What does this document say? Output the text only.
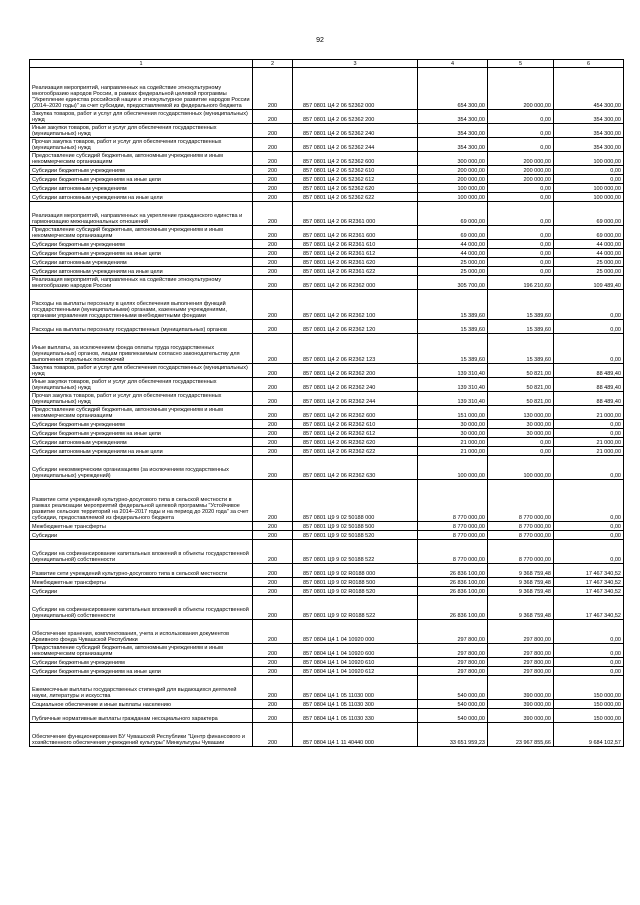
92
1	2	3	4	5	6
Реализация мероприятий, направленных на содействие этнокультурному многообразию народов России, в рамках федеральной целевой программы "Укрепление единства российской нации и этнокультурное развитие народов России (2014–2020 годы)" за счет субсидии, предоставляемой из федерального бюджета	200	857 0801 Ц4 2 06 52362 000	654 300,00	200 000,00	454 300,00
Закупка товаров, работ и услуг для обеспечения государственных (муниципальных) нужд	200	857 0801 Ц4 2 06 52362 200	354 300,00	0,00	354 300,00
Иные закупки товаров, работ и услуг для обеспечения государственных (муниципальных) нужд	200	857 0801 Ц4 2 06 52362 240	354 300,00	0,00	354 300,00
Прочая закупка товаров, работ и услуг для обеспечения государственных (муниципальных) нужд	200	857 0801 Ц4 2 06 52362 244	354 300,00	0,00	354 300,00
Предоставление субсидий бюджетным, автономным учреждениям и иным некоммерческим организациям	200	857 0801 Ц4 2 06 52362 600	300 000,00	200 000,00	100 000,00
Субсидии бюджетным учреждениям	200	857 0801 Ц4 2 06 52362 610	200 000,00	200 000,00	0,00
Субсидии бюджетным учреждениям на иные цели	200	857 0801 Ц4 2 06 52362 612	200 000,00	200 000,00	0,00
Субсидии автономным учреждениям	200	857 0801 Ц4 2 06 52362 620	100 000,00	0,00	100 000,00
Субсидии автономным учреждениям на иные цели	200	857 0801 Ц4 2 06 52362 622	100 000,00	0,00	100 000,00
Реализация мероприятий, направленных на укрепление гражданского единства и гармонизацию межнациональных отношений	200	857 0801 Ц4 2 06 R2361 000	69 000,00	0,00	69 000,00
Предоставление субсидий бюджетным, автономным учреждениям и иным некоммерческим организациям	200	857 0801 Ц4 2 06 R2361 600	69 000,00	0,00	69 000,00
Субсидии бюджетным учреждениям	200	857 0801 Ц4 2 06 R2361 610	44 000,00	0,00	44 000,00
Субсидии бюджетным учреждениям на иные цели	200	857 0801 Ц4 2 06 R2361 612	44 000,00	0,00	44 000,00
Субсидии автономным учреждениям	200	857 0801 Ц4 2 06 R2361 620	25 000,00	0,00	25 000,00
Субсидии автономным учреждениям на иные цели	200	857 0801 Ц4 2 06 R2361 622	25 000,00	0,00	25 000,00
Реализация мероприятий, направленных на содействие этнокультурному многообразию народов России	200	857 0801 Ц4 2 06 R2362 000	305 700,00	196 210,60	109 489,40
Расходы на выплаты персоналу в целях обеспечения выполнения функций государственными (муниципальными) органами, казенными учреждениями, органами управления государственными внебюджетными фондами	200	857 0801 Ц4 2 06 R2362 100	15 389,60	15 389,60	0,00
Расходы на выплаты персоналу государственных (муниципальных) органов	200	857 0801 Ц4 2 06 R2362 120	15 389,60	15 389,60	0,00
Иные выплаты, за исключением фонда оплаты труда государственных (муниципальных) органов, лицам привлекаемым согласно законодательству для выполнения отдельных полномочий	200	857 0801 Ц4 2 06 R2362 123	15 389,60	15 389,60	0,00
Закупка товаров, работ и услуг для обеспечения государственных (муниципальных) нужд	200	857 0801 Ц4 2 06 R2362 200	139 310,40	50 821,00	88 489,40
Иные закупки товаров, работ и услуг для обеспечения государственных (муниципальных) нужд	200	857 0801 Ц4 2 06 R2362 240	139 310,40	50 821,00	88 489,40
Прочая закупка товаров, работ и услуг для обеспечения государственных (муниципальных) нужд	200	857 0801 Ц4 2 06 R2362 244	139 310,40	50 821,00	88 489,40
Предоставление субсидий бюджетным, автономным учреждениям и иным некоммерческим организациям	200	857 0801 Ц4 2 06 R2362 600	151 000,00	130 000,00	21 000,00
Субсидии бюджетным учреждениям	200	857 0801 Ц4 2 06 R2362 610	30 000,00	30 000,00	0,00
Субсидии бюджетным учреждениям на иные цели	200	857 0801 Ц4 2 06 R2362 612	30 000,00	30 000,00	0,00
Субсидии автономным учреждениям	200	857 0801 Ц4 2 06 R2362 620	21 000,00	0,00	21 000,00
Субсидии автономным учреждениям на иные цели	200	857 0801 Ц4 2 06 R2362 622	21 000,00	0,00	21 000,00
Субсидии некоммерческим организациям (за исключением государственных (муниципальных) учреждений)	200	857 0801 Ц4 2 06 R2362 630	100 000,00	100 000,00	0,00
Развитие сети учреждений культурно-досугового типа в сельской местности в рамках реализации мероприятий федеральной целевой программы "Устойчивое развитие сельских территорий на 2014–2017 годы и на период до 2020 года" за счет субсидии, предоставляемой из федерального бюджета	200	857 0801 Ц9 9 02 50188 000	8 770 000,00	8 770 000,00	0,00
Межбюджетные трансферты	200	857 0801 Ц9 9 02 50188 500	8 770 000,00	8 770 000,00	0,00
Субсидии	200	857 0801 Ц9 9 02 50188 520	8 770 000,00	8 770 000,00	0,00
Субсидии на софинансирование капитальных вложений в объекты государственной (муниципальной) собственности	200	857 0801 Ц9 9 02 50188 522	8 770 000,00	8 770 000,00	0,00
Развитие сети учреждений культурно-досугового типа в сельской местности	200	857 0801 Ц9 9 02 R0188 000	26 836 100,00	9 368 759,48	17 467 340,52
Межбюджетные трансферты	200	857 0801 Ц9 9 02 R0188 500	26 836 100,00	9 368 759,48	17 467 340,52
Субсидии	200	857 0801 Ц9 9 02 R0188 520	26 836 100,00	9 368 759,48	17 467 340,52
Субсидии на софинансирование капитальных вложений в объекты государственной (муниципальной) собственности	200	857 0801 Ц9 9 02 R0188 522	26 836 100,00	9 368 759,48	17 467 340,52
Обеспечение хранения, комплектования, учета и использования документов Архивного фонда Чувашской Республики	200	857 0804 Ц4 1 04 10920 000	297 800,00	297 800,00	0,00
Предоставление субсидий бюджетным, автономным учреждениям и иным некоммерческим организациям	200	857 0804 Ц4 1 04 10920 600	297 800,00	297 800,00	0,00
Субсидии бюджетным учреждениям	200	857 0804 Ц4 1 04 10920 610	297 800,00	297 800,00	0,00
Субсидии бюджетным учреждениям на иные цели	200	857 0804 Ц4 1 04 10920 612	297 800,00	297 800,00	0,00
Ежемесячные выплаты государственных стипендий для выдающихся деятелей науки, литературы и искусства	200	857 0804 Ц4 1 05 11030 000	540 000,00	390 000,00	150 000,00
Социальное обеспечение и иные выплаты населению	200	857 0804 Ц4 1 05 11030 300	540 000,00	390 000,00	150 000,00
Публичные нормативные выплаты гражданам несоциального характера	200	857 0804 Ц4 1 05 11030 330	540 000,00	390 000,00	150 000,00
Обеспечение функционирования БУ Чувашской Республики "Центр финансового и хозяйственного обеспечения учреждений культуры" Минкультуры Чувашии	200	857 0804 Ц4 1 11 40440 000	33 651 959,23	23 967 855,66	9 684 102,57
